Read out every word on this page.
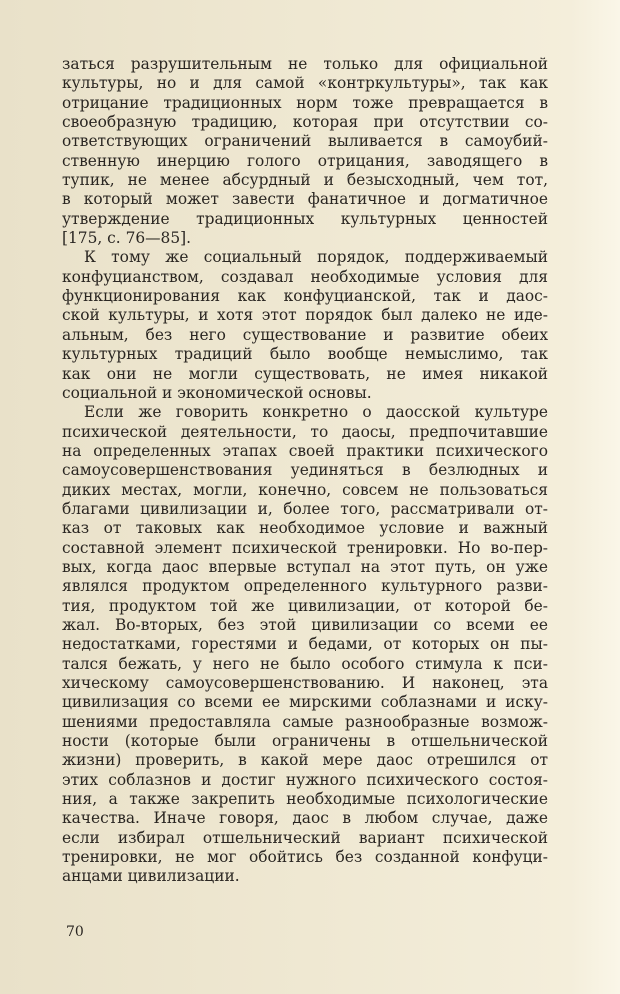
заться разрушительным не только для официальной
культуры, но и для самой «контркультуры», так как
отрицание традиционных норм тоже превращается в
своеобразную традицию, которая при отсутствии со-
ответствующих ограничений выливается в самоубий-
ственную инерцию голого отрицания, заводящего в
тупик, не менее абсурдный и безысходный, чем тот,
в который может завести фанатичное и догматичное
утверждение традиционных культурных ценностей
[175, с. 76—85].
К тому же социальный порядок, поддерживаемый
конфуцианством, создавал необходимые условия для
функционирования как конфуцианской, так и даос-
ской культуры, и хотя этот порядок был далеко не иде-
альным, без него существование и развитие обеих
культурных традиций было вообще немыслимо, так
как они не могли существовать, не имея никакой
социальной и экономической основы.
Если же говорить конкретно о даосской культуре
психической деятельности, то даосы, предпочитавшие
на определенных этапах своей практики психического
самоусовершенствования уединяться в безлюдных и
диких местах, могли, конечно, совсем не пользоваться
благами цивилизации и, более того, рассматривали от-
каз от таковых как необходимое условие и важный
составной элемент психической тренировки. Но во-пер-
вых, когда даос впервые вступал на этот путь, он уже
являлся продуктом определенного культурного разви-
тия, продуктом той же цивилизации, от которой бе-
жал. Во-вторых, без этой цивилизации со всеми ее
недостатками, горестями и бедами, от которых он пы-
тался бежать, у него не было особого стимула к пси-
хическому самоусовершенствованию. И наконец, эта
цивилизация со всеми ее мирскими соблазнами и иску-
шениями предоставляла самые разнообразные возмож-
ности (которые были ограничены в отшельнической
жизни) проверить, в какой мере даос отрешился от
этих соблазнов и достиг нужного психического состоя-
ния, а также закрепить необходимые психологические
качества. Иначе говоря, даос в любом случае, даже
если избирал отшельнический вариант психической
тренировки, не мог обойтись без созданной конфуци-
анцами цивилизации.
70
